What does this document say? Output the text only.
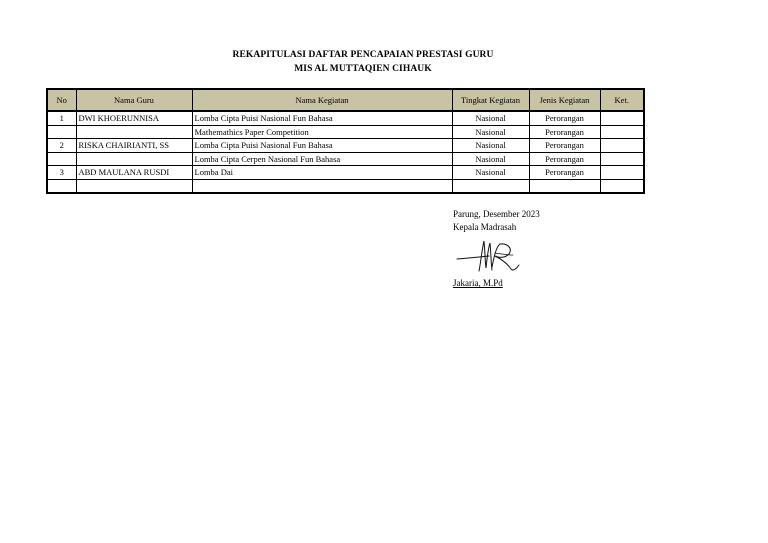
REKAPITULASI DAFTAR PENCAPAIAN PRESTASI GURU
MIS AL MUTTAQIEN CIHAUK
No	Nama Guru	Nama Kegiatan	Tingkat Kegiatan	Jenis Kegiatan	Ket.
1	DWI KHOERUNNISA	Lomba Cipta Puisi Nasional Fun Bahasa	Nasional	Perorangan	
		Mathemathics Paper Competition	Nasional	Perorangan	
2	RISKA CHAIRIANTI, SS	Lomba Cipta Puisi Nasional Fun Bahasa	Nasional	Perorangan	
		Lomba Cipta Cerpen Nasional Fun Bahasa	Nasional	Perorangan	
3	ABD MAULANA RUSDI	Lomba Dai	Nasional	Perorangan	

Parung, Desember 2023
Kepala Madrasah
Jakaria, M.Pd
